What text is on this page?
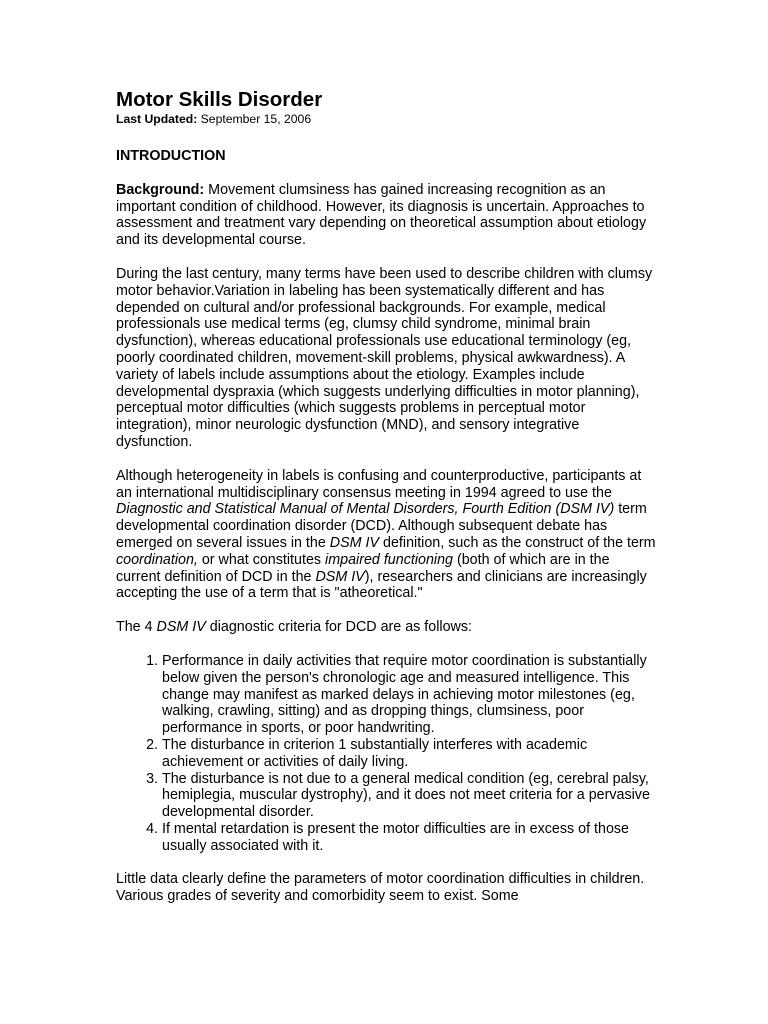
Motor Skills Disorder
Last Updated: September 15, 2006
INTRODUCTION

Background: Movement clumsiness has gained increasing recognition as an important condition of childhood. However, its diagnosis is uncertain. Approaches to assessment and treatment vary depending on theoretical assumption about etiology and its developmental course.

During the last century, many terms have been used to describe children with clumsy motor behavior.Variation in labeling has been systematically different and has depended on cultural and/or professional backgrounds. For example, medical professionals use medical terms (eg, clumsy child syndrome, minimal brain dysfunction), whereas educational professionals use educational terminology (eg, poorly coordinated children, movement-skill problems, physical awkwardness). A variety of labels include assumptions about the etiology. Examples include developmental dyspraxia (which suggests underlying difficulties in motor planning), perceptual motor difficulties (which suggests problems in perceptual motor integration), minor neurologic dysfunction (MND), and sensory integrative dysfunction.

Although heterogeneity in labels is confusing and counterproductive, participants at an international multidisciplinary consensus meeting in 1994 agreed to use the Diagnostic and Statistical Manual of Mental Disorders, Fourth Edition (DSM IV) term developmental coordination disorder (DCD). Although subsequent debate has emerged on several issues in the DSM IV definition, such as the construct of the term coordination, or what constitutes impaired functioning (both of which are in the current definition of DCD in the DSM IV), researchers and clinicians are increasingly accepting the use of a term that is "atheoretical."

The 4 DSM IV diagnostic criteria for DCD are as follows:

1. Performance in daily activities that require motor coordination is substantially below given the person's chronologic age and measured intelligence. This change may manifest as marked delays in achieving motor milestones (eg, walking, crawling, sitting) and as dropping things, clumsiness, poor performance in sports, or poor handwriting.
2. The disturbance in criterion 1 substantially interferes with academic achievement or activities of daily living.
3. The disturbance is not due to a general medical condition (eg, cerebral palsy, hemiplegia, muscular dystrophy), and it does not meet criteria for a pervasive developmental disorder.
4. If mental retardation is present the motor difficulties are in excess of those usually associated with it.

Little data clearly define the parameters of motor coordination difficulties in children. Various grades of severity and comorbidity seem to exist. Some
